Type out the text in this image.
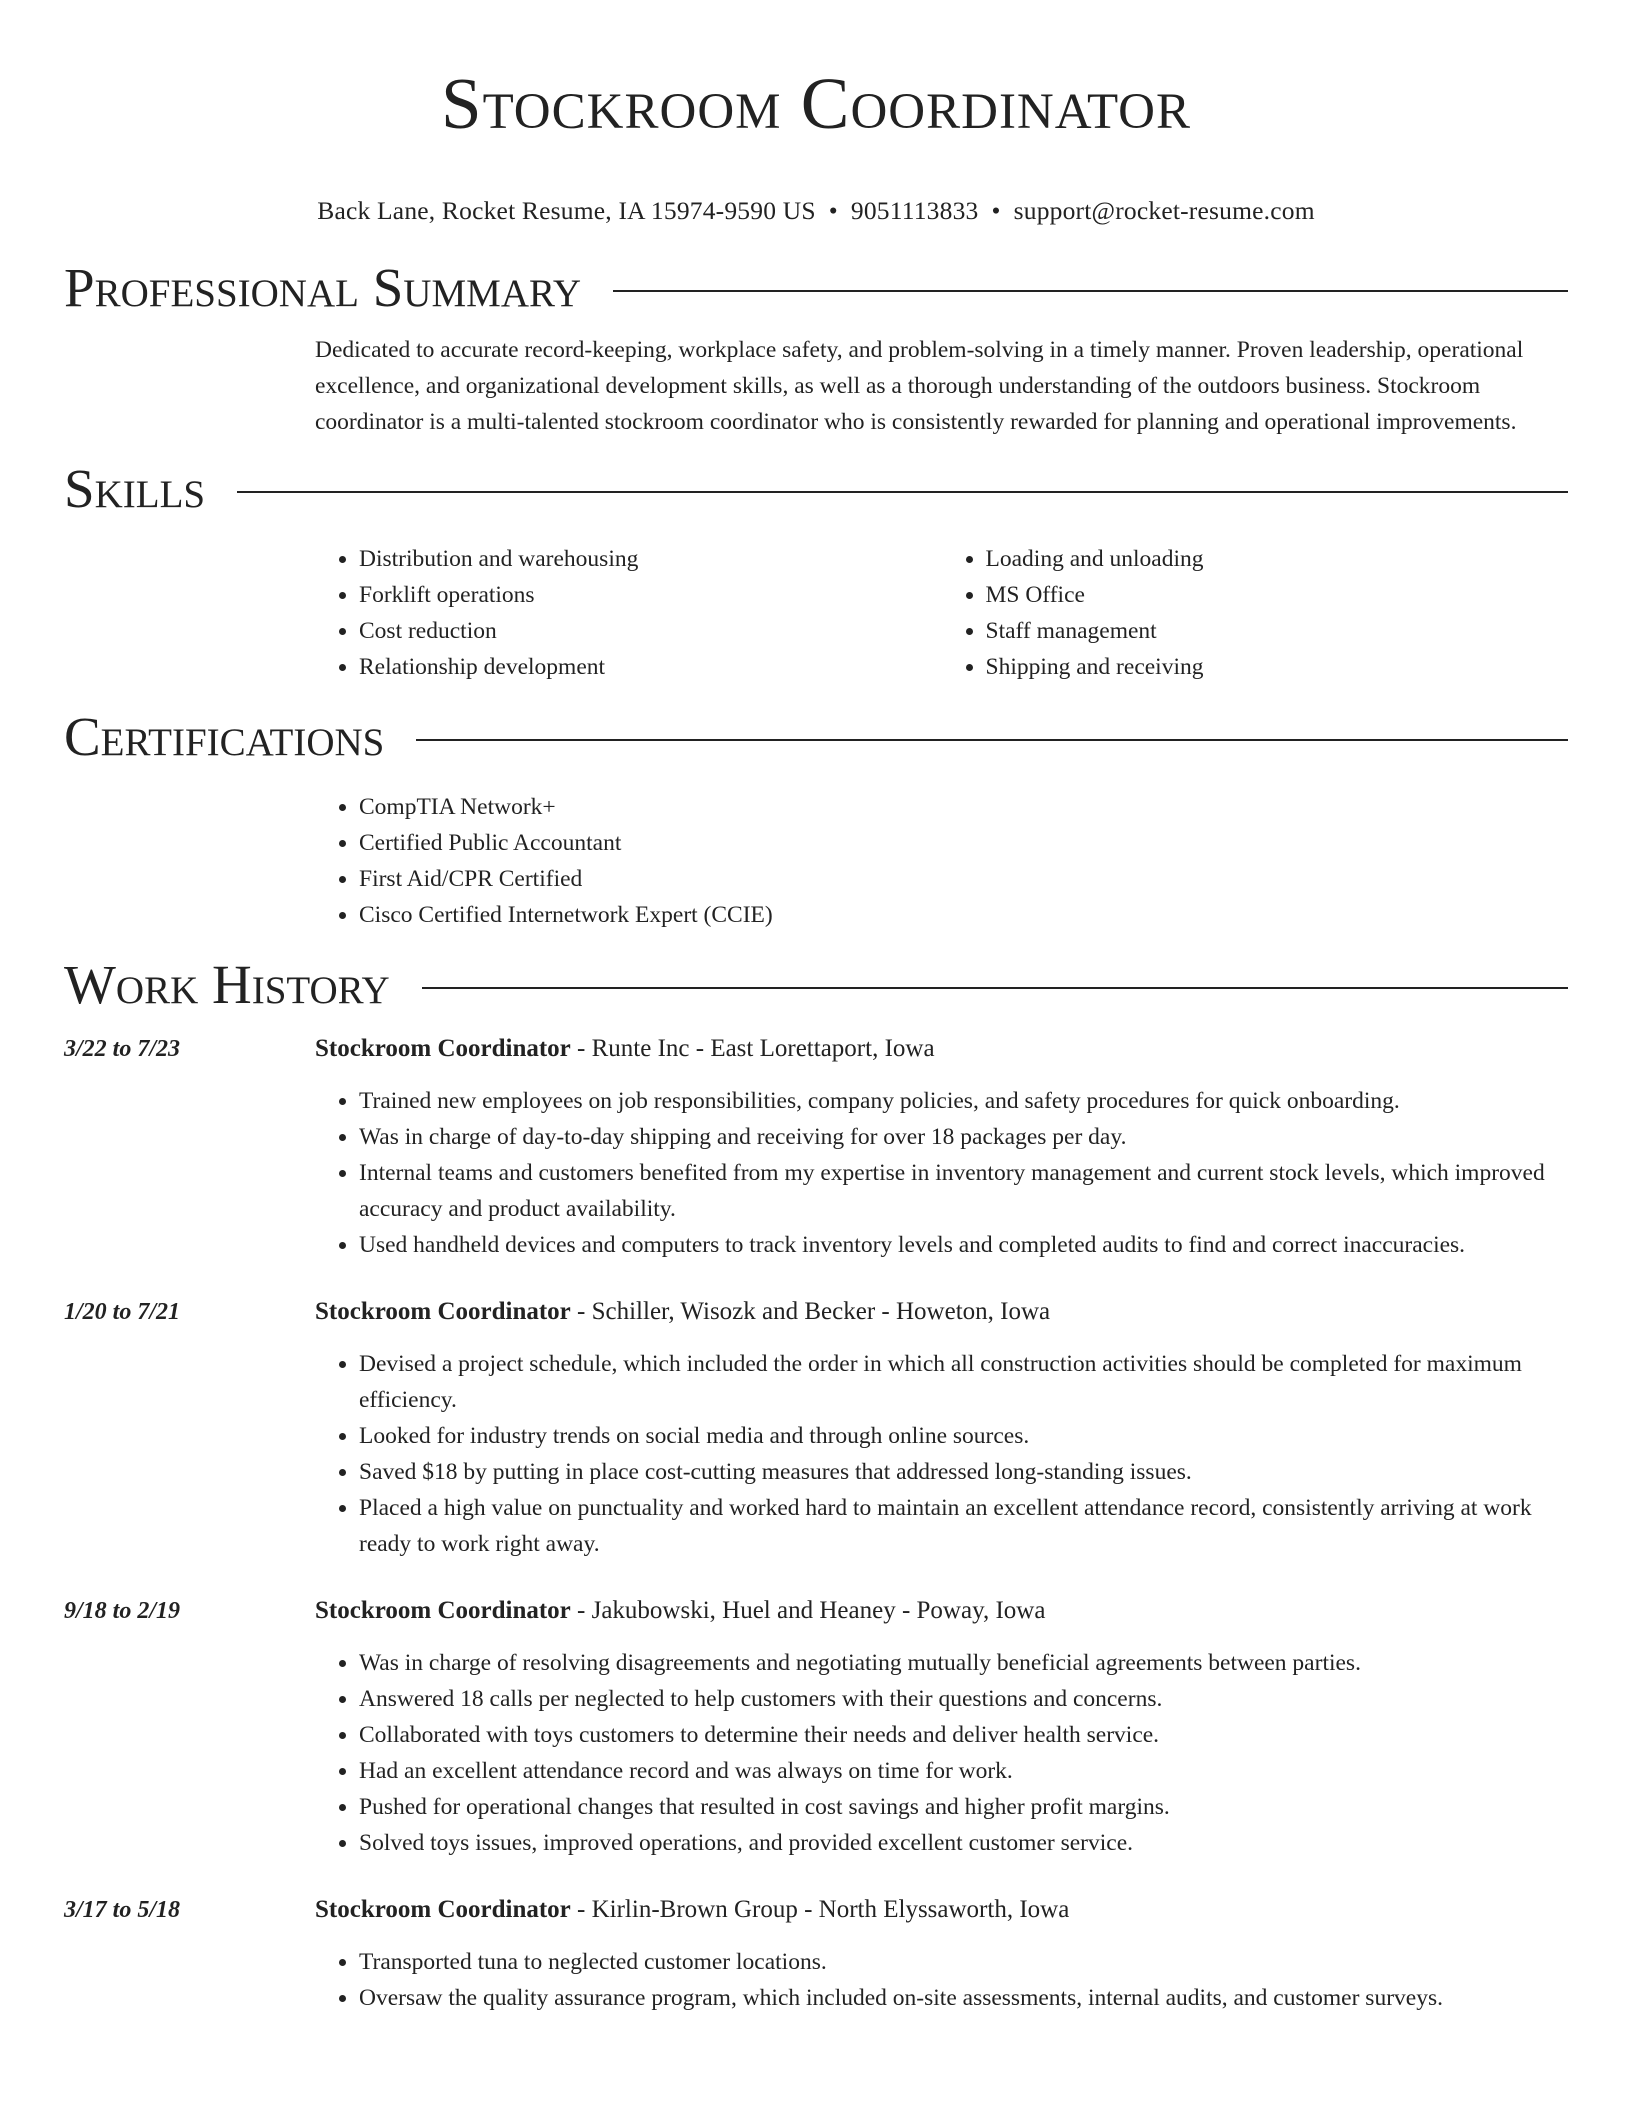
Stockroom Coordinator
Back Lane, Rocket Resume, IA 15974-9590 US • 9051113833 • support@rocket-resume.com
Professional Summary
Dedicated to accurate record-keeping, workplace safety, and problem-solving in a timely manner. Proven leadership, operational excellence, and organizational development skills, as well as a thorough understanding of the outdoors business. Stockroom coordinator is a multi-talented stockroom coordinator who is consistently rewarded for planning and operational improvements.
Skills
• Distribution and warehousing
• Forklift operations
• Cost reduction
• Relationship development
• Loading and unloading
• MS Office
• Staff management
• Shipping and receiving
Certifications
• CompTIA Network+
• Certified Public Accountant
• First Aid/CPR Certified
• Cisco Certified Internetwork Expert (CCIE)
Work History
3/22 to 7/23	Stockroom Coordinator - Runte Inc - East Lorettaport, Iowa
• Trained new employees on job responsibilities, company policies, and safety procedures for quick onboarding.
• Was in charge of day-to-day shipping and receiving for over 18 packages per day.
• Internal teams and customers benefited from my expertise in inventory management and current stock levels, which improved accuracy and product availability.
• Used handheld devices and computers to track inventory levels and completed audits to find and correct inaccuracies.
1/20 to 7/21	Stockroom Coordinator - Schiller, Wisozk and Becker - Howeton, Iowa
• Devised a project schedule, which included the order in which all construction activities should be completed for maximum efficiency.
• Looked for industry trends on social media and through online sources.
• Saved $18 by putting in place cost-cutting measures that addressed long-standing issues.
• Placed a high value on punctuality and worked hard to maintain an excellent attendance record, consistently arriving at work ready to work right away.
9/18 to 2/19	Stockroom Coordinator - Jakubowski, Huel and Heaney - Poway, Iowa
• Was in charge of resolving disagreements and negotiating mutually beneficial agreements between parties.
• Answered 18 calls per neglected to help customers with their questions and concerns.
• Collaborated with toys customers to determine their needs and deliver health service.
• Had an excellent attendance record and was always on time for work.
• Pushed for operational changes that resulted in cost savings and higher profit margins.
• Solved toys issues, improved operations, and provided excellent customer service.
3/17 to 5/18	Stockroom Coordinator - Kirlin-Brown Group - North Elyssaworth, Iowa
• Transported tuna to neglected customer locations.
• Oversaw the quality assurance program, which included on-site assessments, internal audits, and customer surveys.
